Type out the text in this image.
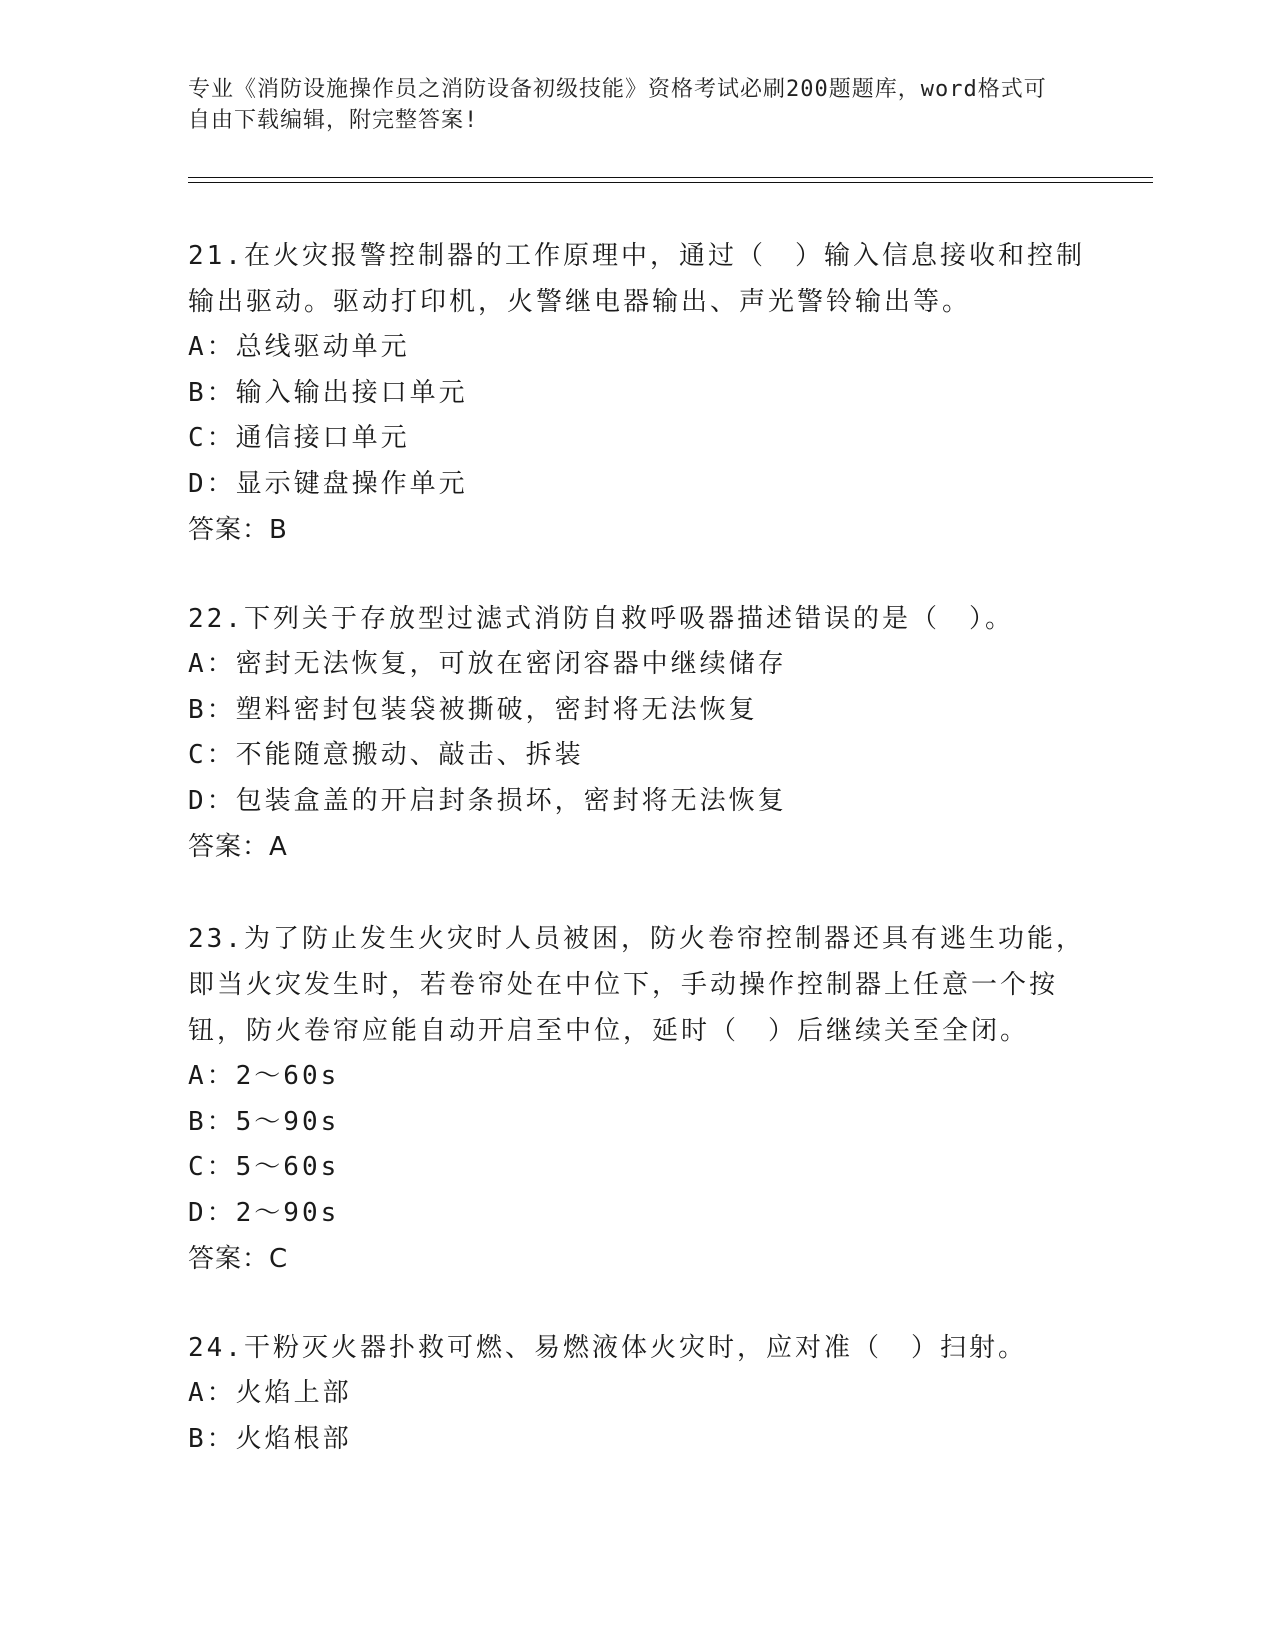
专业《消防设施操作员之消防设备初级技能》资格考试必刷200题题库，word格式可自由下载编辑，附完整答案!

21.在火灾报警控制器的工作原理中，通过（　）输入信息接收和控制

输出驱动。驱动打印机，火警继电器输出、声光警铃输出等。

A：总线驱动单元

B：输入输出接口单元

C：通信接口单元

D：显示键盘操作单元

答案：B

22.下列关于存放型过滤式消防自救呼吸器描述错误的是（　）。

A：密封无法恢复，可放在密闭容器中继续储存

B：塑料密封包装袋被撕破，密封将无法恢复

C：不能随意搬动、敲击、拆装

D：包装盒盖的开启封条损坏，密封将无法恢复

答案：A

23.为了防止发生火灾时人员被困，防火卷帘控制器还具有逃生功能，

即当火灾发生时，若卷帘处在中位下，手动操作控制器上任意一个按

钮，防火卷帘应能自动开启至中位，延时（　）后继续关至全闭。

A：2～60s

B：5～90s

C：5～60s

D：2～90s

答案：C

24.干粉灭火器扑救可燃、易燃液体火灾时，应对准（　）扫射。

A：火焰上部

B：火焰根部
